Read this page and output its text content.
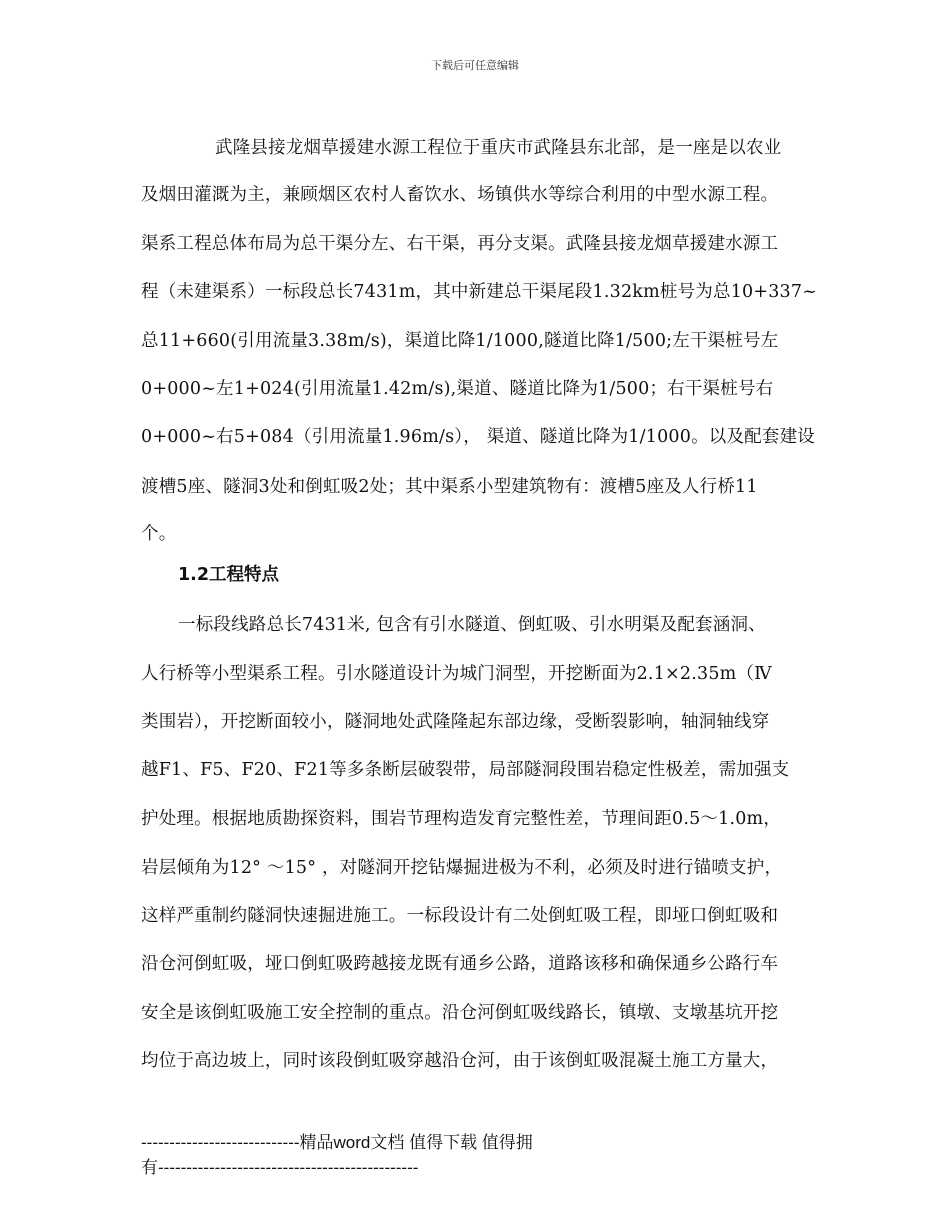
下载后可任意编辑
武隆县接龙烟草援建水源工程位于重庆市武隆县东北部，是一座是以农业
及烟田灌溉为主，兼顾烟区农村人畜饮水、场镇供水等综合利用的中型水源工程。
渠系工程总体布局为总干渠分左、右干渠，再分支渠。武隆县接龙烟草援建水源工
程（未建渠系）一标段总长7431m，其中新建总干渠尾段1.32km桩号为总10+337~
总11+660(引用流量3.38m/s)，渠道比降1/1000,隧道比降1/500;左干渠桩号左
0+000~左1+024(引用流量1.42m/s),渠道、隧道比降为1/500；右干渠桩号右
0+000~右5+084（引用流量1.96m/s）， 渠道、隧道比降为1/1000。以及配套建设
渡槽5座、隧洞3处和倒虹吸2处；其中渠系小型建筑物有：渡槽5座及人行桥11
个。
1.2工程特点
一标段线路总长7431米, 包含有引水隧道、倒虹吸、引水明渠及配套涵洞、
人行桥等小型渠系工程。引水隧道设计为城门洞型，开挖断面为2.1×2.35m（Ⅳ
类围岩），开挖断面较小，隧洞地处武隆隆起东部边缘，受断裂影响，轴洞轴线穿
越F1、F5、F20、F21等多条断层破裂带，局部隧洞段围岩稳定性极差，需加强支
护处理。根据地质勘探资料，围岩节理构造发育完整性差，节理间距0.5～1.0m，
岩层倾角为12° ～15° ，对隧洞开挖钻爆掘进极为不利，必须及时进行锚喷支护，
这样严重制约隧洞快速掘进施工。一标段设计有二处倒虹吸工程，即垭口倒虹吸和
沿仓河倒虹吸，垭口倒虹吸跨越接龙既有通乡公路，道路该移和确保通乡公路行车
安全是该倒虹吸施工安全控制的重点。沿仓河倒虹吸线路长，镇墩、支墩基坑开挖
均位于高边坡上，同时该段倒虹吸穿越沿仓河，由于该倒虹吸混凝土施工方量大，
----------------------------精品word文档 值得下载 值得拥
有----------------------------------------------
